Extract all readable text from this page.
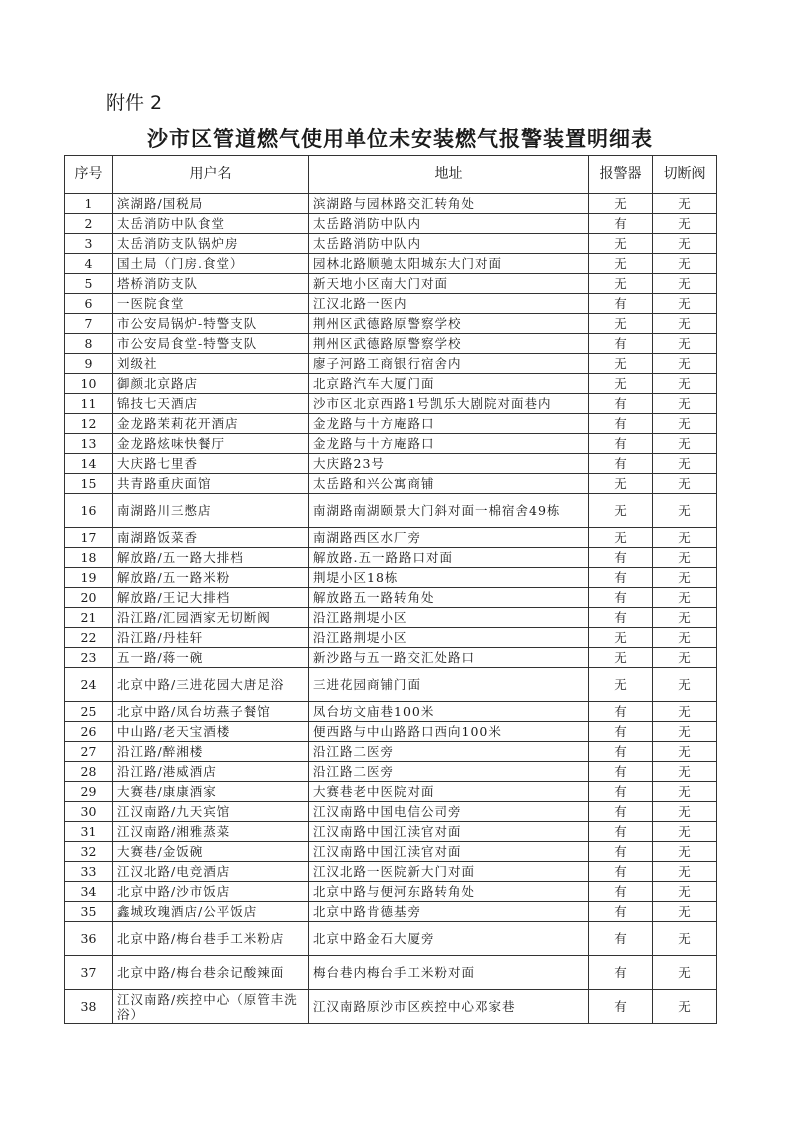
附件 2
沙市区管道燃气使用单位未安装燃气报警装置明细表
序号	用户名	地址	报警器	切断阀
1	滨湖路/国税局	滨湖路与园林路交汇转角处	无	无
2	太岳消防中队食堂	太岳路消防中队内	有	无
3	太岳消防支队锅炉房	太岳路消防中队内	无	无
4	国土局（门房.食堂）	园林北路顺驰太阳城东大门对面	无	无
5	塔桥消防支队	新天地小区南大门对面	无	无
6	一医院食堂	江汉北路一医内	有	无
7	市公安局锅炉-特警支队	荆州区武德路原警察学校	无	无
8	市公安局食堂-特警支队	荆州区武德路原警察学校	有	无
9	刘级社	廖子河路工商银行宿舍内	无	无
10	御颜北京路店	北京路汽车大厦门面	无	无
11	锦技七天酒店	沙市区北京西路1号凯乐大剧院对面巷内	有	无
12	金龙路茉莉花开酒店	金龙路与十方庵路口	有	无
13	金龙路炫味快餐厅	金龙路与十方庵路口	有	无
14	大庆路七里香	大庆路23号	有	无
15	共青路重庆面馆	太岳路和兴公寓商铺	无	无
16	南湖路川三憋店	南湖路南湖颐景大门斜对面一棉宿舍49栋	无	无
17	南湖路饭菜香	南湖路西区水厂旁	无	无
18	解放路/五一路大排档	解放路.五一路路口对面	有	无
19	解放路/五一路米粉	荆堤小区18栋	有	无
20	解放路/王记大排档	解放路五一路转角处	有	无
21	沿江路/汇园酒家无切断阀	沿江路荆堤小区	有	无
22	沿江路/丹桂轩	沿江路荆堤小区	无	无
23	五一路/蒋一碗	新沙路与五一路交汇处路口	无	无
24	北京中路/三进花园大唐足浴	三进花园商铺门面	无	无
25	北京中路/凤台坊燕子餐馆	凤台坊文庙巷100米	有	无
26	中山路/老天宝酒楼	便西路与中山路路口西向100米	有	无
27	沿江路/醉湘楼	沿江路二医旁	有	无
28	沿江路/港威酒店	沿江路二医旁	有	无
29	大赛巷/康康酒家	大赛巷老中医院对面	有	无
30	江汉南路/九天宾馆	江汉南路中国电信公司旁	有	无
31	江汉南路/湘雅蒸菜	江汉南路中国江渎官对面	有	无
32	大赛巷/金饭碗	江汉南路中国江渎官对面	有	无
33	江汉北路/电竞酒店	江汉北路一医院新大门对面	有	无
34	北京中路/沙市饭店	北京中路与便河东路转角处	有	无
35	鑫城玫瑰酒店/公平饭店	北京中路肯德基旁	有	无
36	北京中路/梅台巷手工米粉店	北京中路金石大厦旁	有	无
37	北京中路/梅台巷余记酸辣面	梅台巷内梅台手工米粉对面	有	无
38	江汉南路/疾控中心（原管丰洗浴）	江汉南路原沙市区疾控中心邓家巷	有	无
